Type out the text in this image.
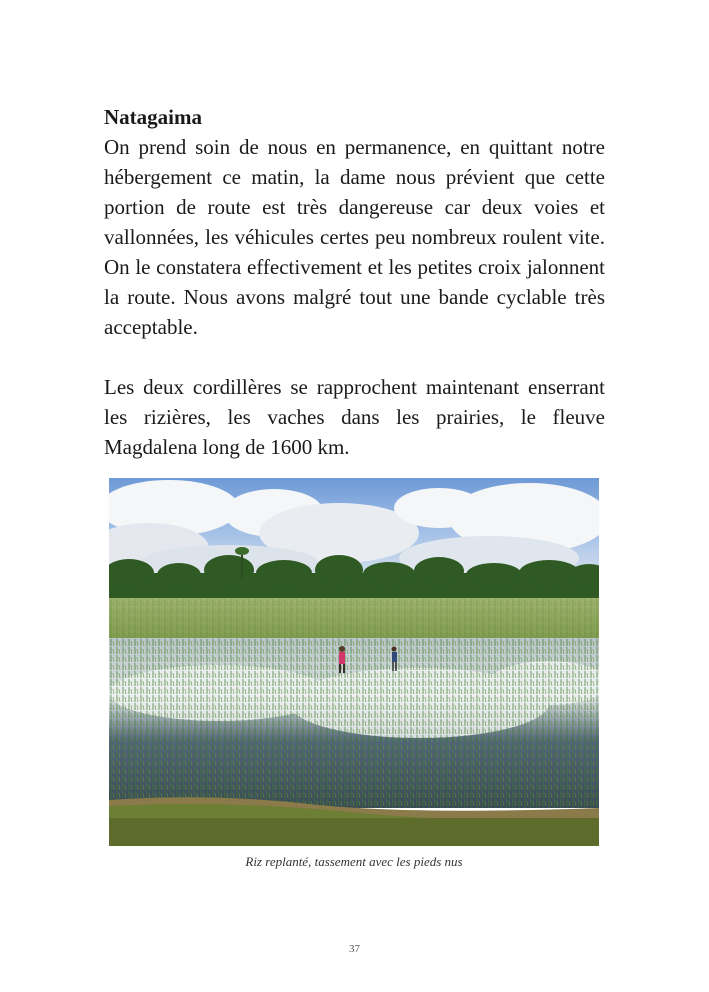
Natagaima

On prend soin de nous en permanence, en quittant notre hébergement ce matin, la dame nous prévient que cette portion de route est très dangereuse car deux voies et vallonnées, les véhicules certes peu nombreux roulent vite. On le constatera effectivement et les petites croix jalonnent la route. Nous avons malgré tout une bande cyclable très acceptable.

Les deux cordillères se rapprochent maintenant enserrant les rizières, les vaches dans les prairies, le fleuve Magdalena long de 1600 km.

Riz replanté, tassement avec les pieds nus

37
